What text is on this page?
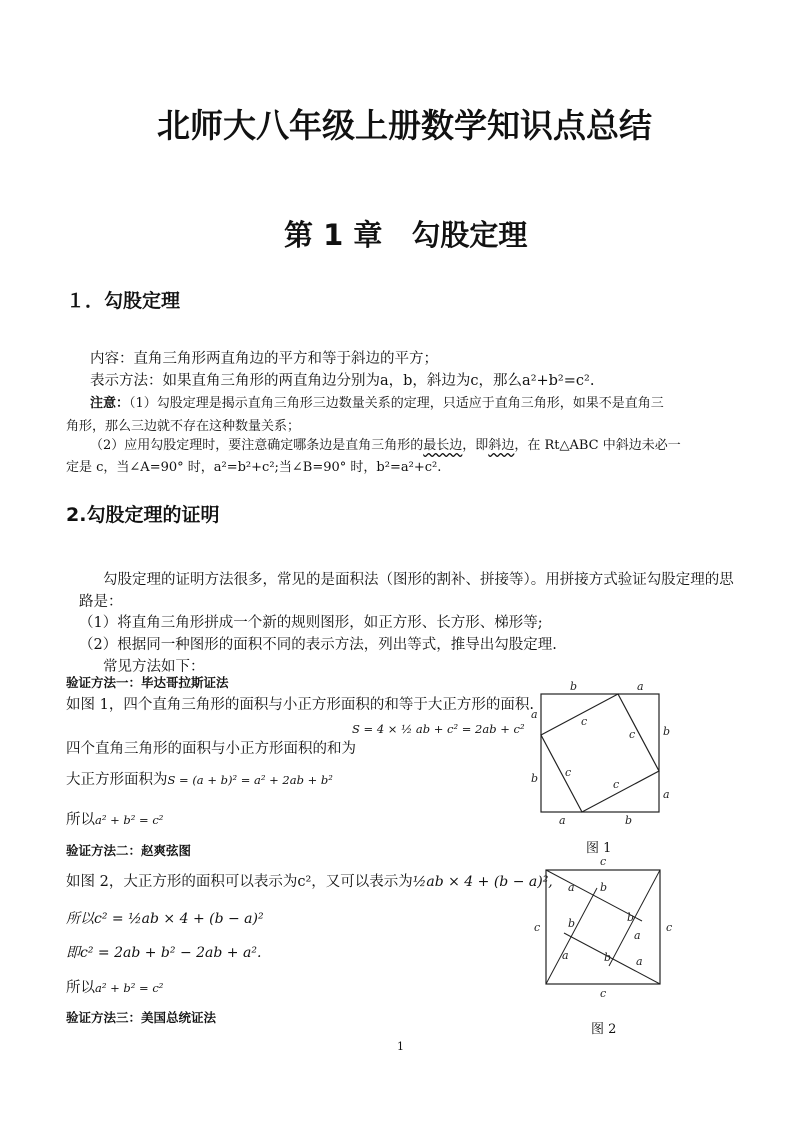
北师大八年级上册数学知识点总结
第 1 章　勾股定理
１．勾股定理
内容：直角三角形两直角边的平方和等于斜边的平方；
表示方法：如果直角三角形的两直角边分别为a，b，斜边为c，那么a²+b²=c².
注意：（1）勾股定理是揭示直角三角形三边数量关系的定理，只适应于直角三角形，如果不是直角三
角形，那么三边就不存在这种数量关系；
（2）应用勾股定理时，要注意确定哪条边是直角三角形的最长边，即斜边，在 Rt△ABC 中斜边未必一
定是 c，当∠A=90° 时，a²=b²+c²;当∠B=90° 时，b²=a²+c².
2.勾股定理的证明
勾股定理的证明方法很多，常见的是面积法（图形的割补、拼接等）。用拼接方式验证勾股定理的思
路是：
（1）将直角三角形拼成一个新的规则图形，如正方形、长方形、梯形等;
（2）根据同一种图形的面积不同的表示方法，列出等式，推导出勾股定理.
常见方法如下：
验证方法一：毕达哥拉斯证法
如图 1，四个直角三角形的面积与小正方形面积的和等于大正方形的面积.
S = 4 × ½ ab + c² = 2ab + c²
四个直角三角形的面积与小正方形面积的和为
大正方形面积为S = (a + b)² = a² + 2ab + b²
所以a² + b² = c²
验证方法二：赵爽弦图
如图 2，大正方形的面积可以表示为c²，又可以表示为½ab × 4 + (b − a)²,
所以c² = ½ab × 4 + (b − a)²
即c² = 2ab + b² − 2ab + a².
所以a² + b² = c²
验证方法三：美国总统证法
b	a
a
b
c
c
c
c
b
a
a	b
图 1
c
c	c
c
a b
b	b
a
a	b a
图 2
1
